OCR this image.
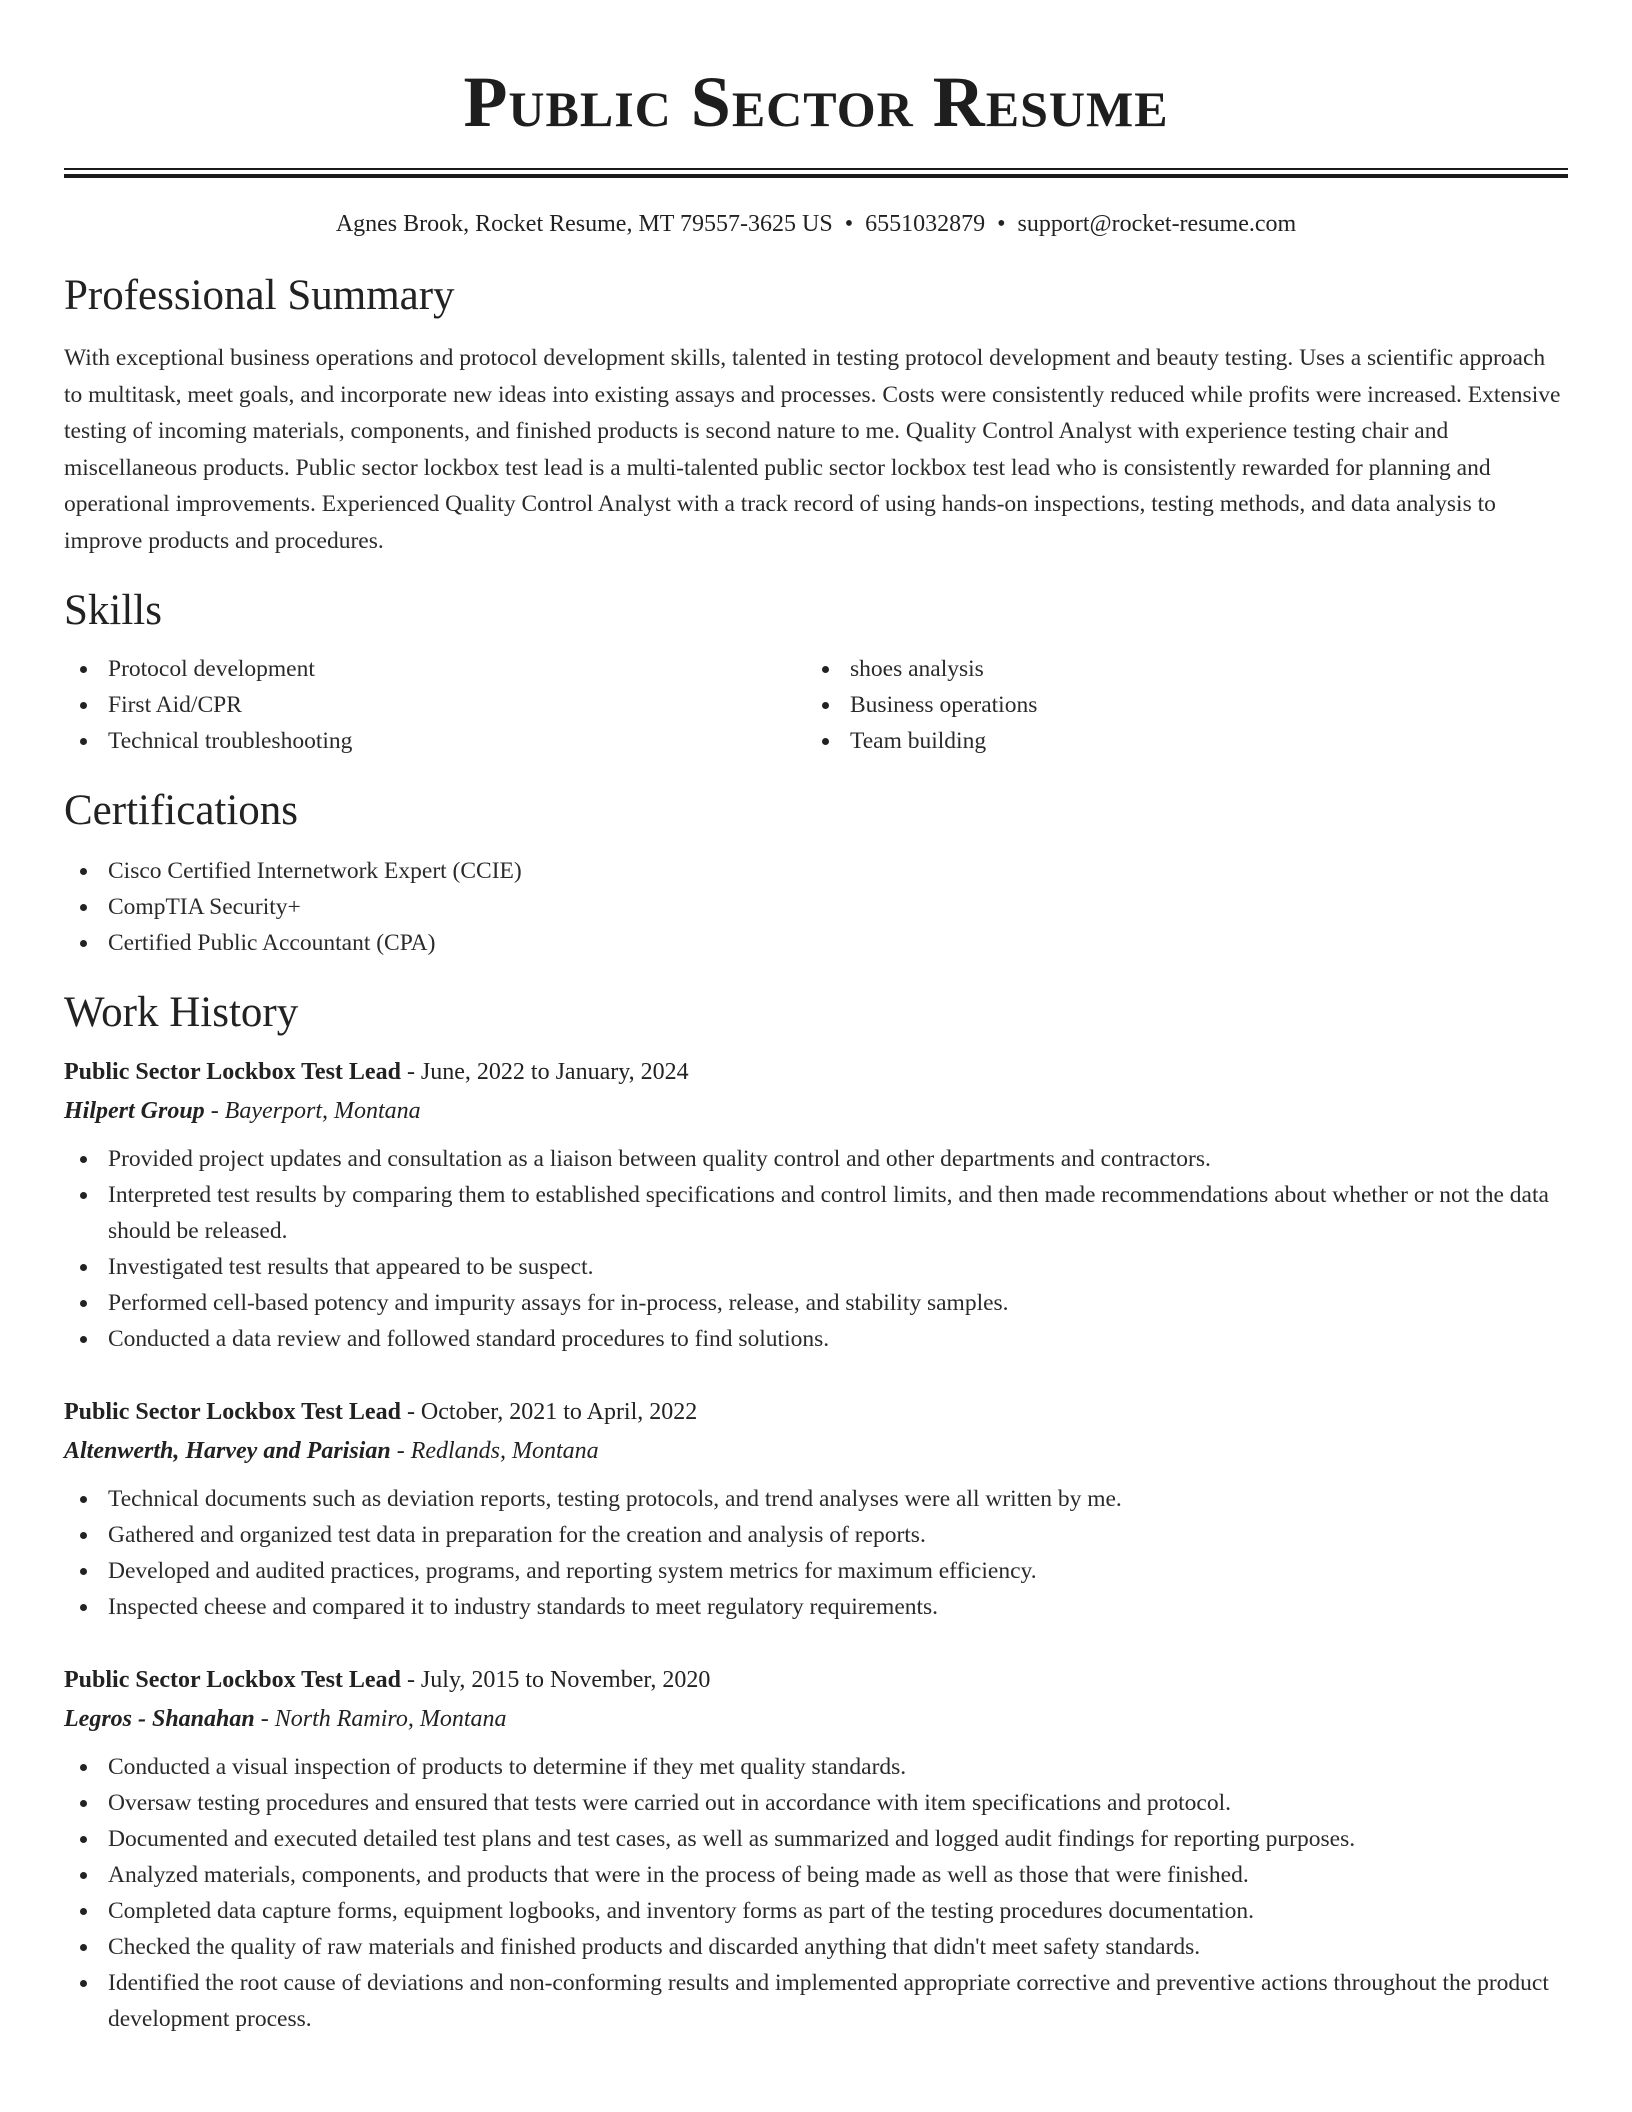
Public Sector Resume
Agnes Brook, Rocket Resume, MT 79557-3625 US • 6551032879 • support@rocket-resume.com
Professional Summary

With exceptional business operations and protocol development skills, talented in testing protocol development and beauty testing. Uses a scientific approach to multitask, meet goals, and incorporate new ideas into existing assays and processes. Costs were consistently reduced while profits were increased. Extensive testing of incoming materials, components, and finished products is second nature to me. Quality Control Analyst with experience testing chair and miscellaneous products. Public sector lockbox test lead is a multi-talented public sector lockbox test lead who is consistently rewarded for planning and operational improvements. Experienced Quality Control Analyst with a track record of using hands-on inspections, testing methods, and data analysis to improve products and procedures.

Skills
Protocol development
First Aid/CPR
Technical troubleshooting
shoes analysis
Business operations
Team building
Certifications
Cisco Certified Internetwork Expert (CCIE)
CompTIA Security+
Certified Public Accountant (CPA)
Work History
Public Sector Lockbox Test Lead - June, 2022 to January, 2024
Hilpert Group - Bayerport, Montana
Provided project updates and consultation as a liaison between quality control and other departments and contractors.
Interpreted test results by comparing them to established specifications and control limits, and then made recommendations about whether or not the data should be released.
Investigated test results that appeared to be suspect.
Performed cell-based potency and impurity assays for in-process, release, and stability samples.
Conducted a data review and followed standard procedures to find solutions.
Public Sector Lockbox Test Lead - October, 2021 to April, 2022
Altenwerth, Harvey and Parisian - Redlands, Montana
Technical documents such as deviation reports, testing protocols, and trend analyses were all written by me.
Gathered and organized test data in preparation for the creation and analysis of reports.
Developed and audited practices, programs, and reporting system metrics for maximum efficiency.
Inspected cheese and compared it to industry standards to meet regulatory requirements.
Public Sector Lockbox Test Lead - July, 2015 to November, 2020
Legros - Shanahan - North Ramiro, Montana
Conducted a visual inspection of products to determine if they met quality standards.
Oversaw testing procedures and ensured that tests were carried out in accordance with item specifications and protocol.
Documented and executed detailed test plans and test cases, as well as summarized and logged audit findings for reporting purposes.
Analyzed materials, components, and products that were in the process of being made as well as those that were finished.
Completed data capture forms, equipment logbooks, and inventory forms as part of the testing procedures documentation.
Checked the quality of raw materials and finished products and discarded anything that didn't meet safety standards.
Identified the root cause of deviations and non-conforming results and implemented appropriate corrective and preventive actions throughout the product development process.
